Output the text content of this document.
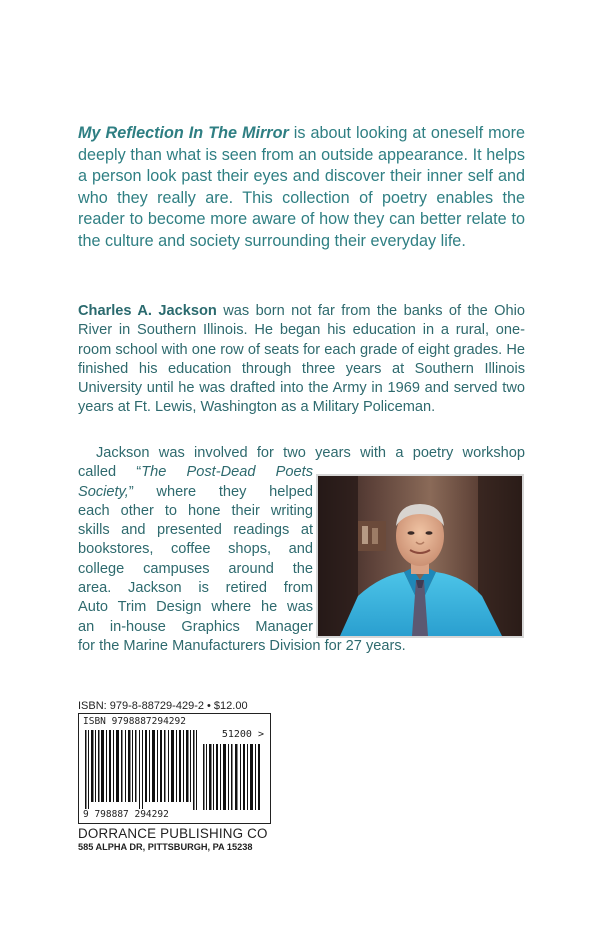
My Reflection In The Mirror is about looking at oneself more deeply than what is seen from an outside appearance. It helps a person look past their eyes and discover their inner self and who they really are. This collection of poetry enables the reader to become more aware of how they can better relate to the culture and society surrounding their everyday life.

Charles A. Jackson was born not far from the banks of the Ohio River in Southern Illinois. He began his education in a rural, one-room school with one row of seats for each grade of eight grades. He finished his education through three years at Southern Illinois University until he was drafted into the Army in 1969 and served two years at Ft. Lewis, Washington as a Military Policeman.

Jackson was involved for two years with a poetry workshop
called “The Post-Dead Poets
Society,” where they helped
each other to hone their writing
skills and presented readings at
bookstores, coffee shops, and
college campuses around the
area. Jackson is retired from
Auto Trim Design where he was
an in-house Graphics Manager
for the Marine Manufacturers Division for 27 years.
ISBN: 979-8-88729-429-2 • $12.00
ISBN 9798887294292
51200 >
9 798887 294292
DORRANCE PUBLISHING CO
585 ALPHA DR, PITTSBURGH, PA 15238
